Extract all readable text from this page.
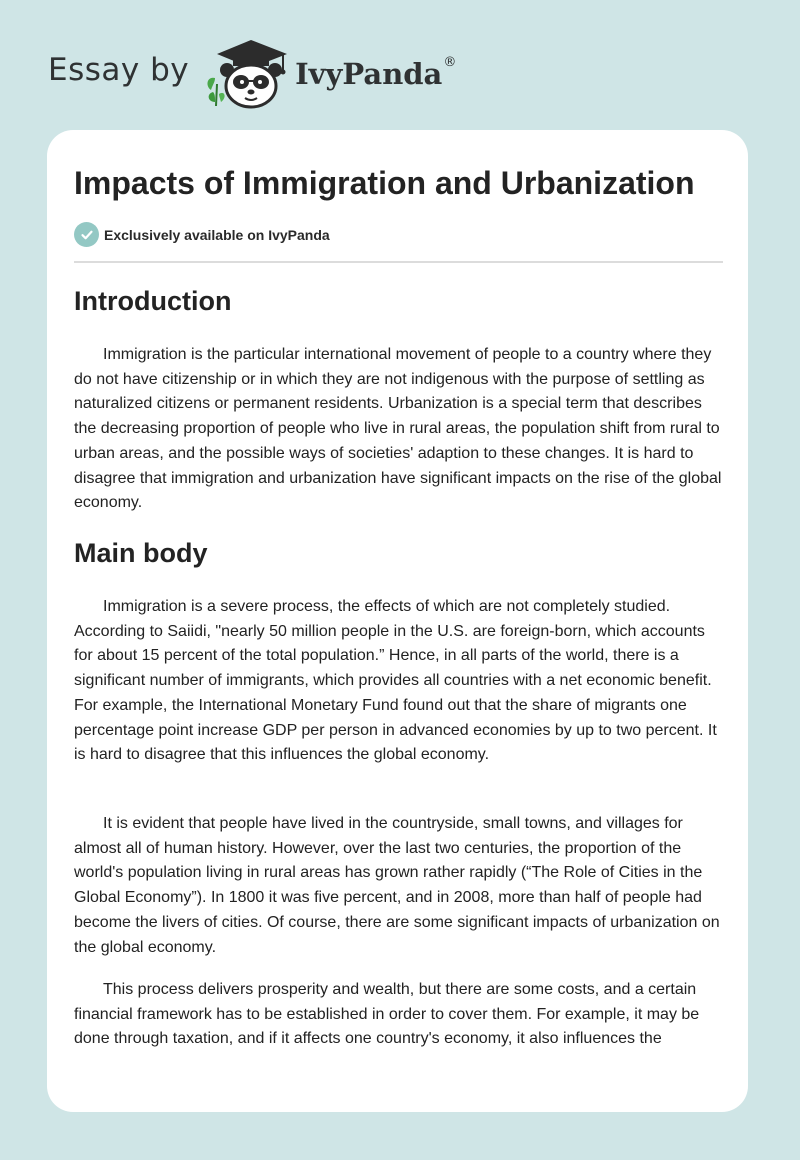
Essay by	IvyPanda ®
Impacts of Immigration and Urbanization
Exclusively available on IvyPanda
Introduction

Immigration is the particular international movement of people to a country where they do not have citizenship or in which they are not indigenous with the purpose of settling as naturalized citizens or permanent residents. Urbanization is a special term that describes the decreasing proportion of people who live in rural areas, the population shift from rural to urban areas, and the possible ways of societies' adaption to these changes. It is hard to disagree that immigration and urbanization have significant impacts on the rise of the global economy.

Main body

Immigration is a severe process, the effects of which are not completely studied. According to Saiidi, "nearly 50 million people in the U.S. are foreign-born, which accounts for about 15 percent of the total population.” Hence, in all parts of the world, there is a significant number of immigrants, which provides all countries with a net economic benefit. For example, the International Monetary Fund found out that the share of migrants one percentage point increase GDP per person in advanced economies by up to two percent. It is hard to disagree that this influences the global economy.

It is evident that people have lived in the countryside, small towns, and villages for almost all of human history. However, over the last two centuries, the proportion of the world's population living in rural areas has grown rather rapidly (“The Role of Cities in the Global Economy”). In 1800 it was five percent, and in 2008, more than half of people had become the livers of cities. Of course, there are some significant impacts of urbanization on the global economy.

This process delivers prosperity and wealth, but there are some costs, and a certain financial framework has to be established in order to cover them. For example, it may be done through taxation, and if it affects one country's economy, it also influences the
